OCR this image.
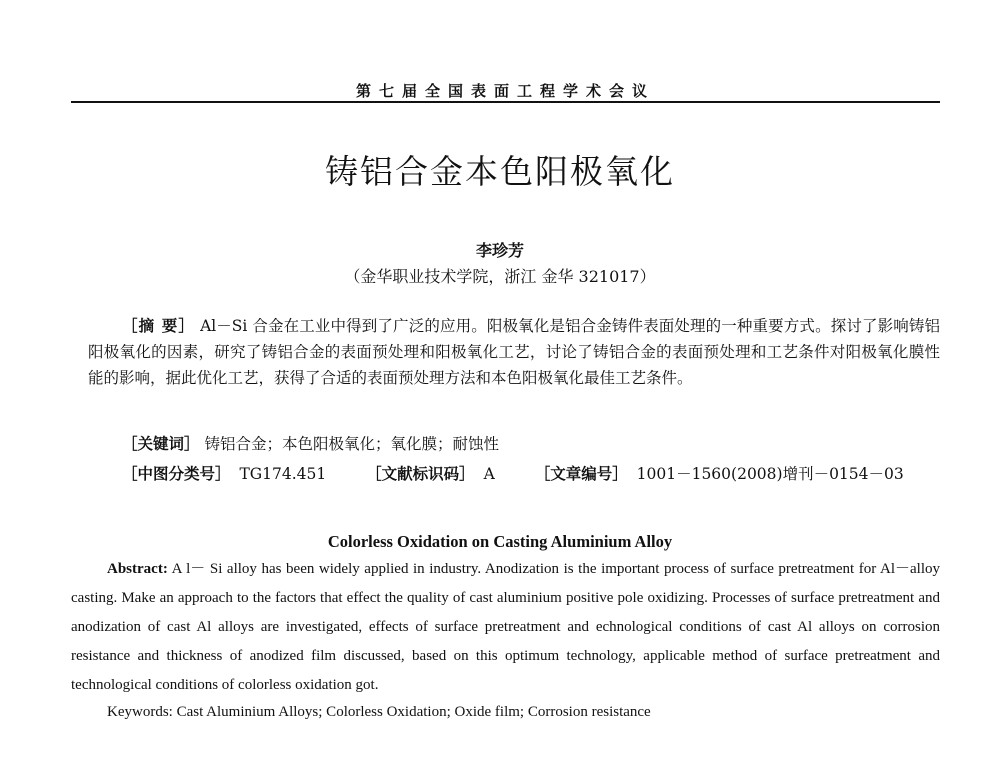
第七届全国表面工程学术会议
铸铝合金本色阳极氧化
李珍芳
（金华职业技术学院，浙江 金华 321017）
［摘 要］ Al－Si 合金在工业中得到了广泛的应用。阳极氧化是铝合金铸件表面处理的一种重要方式。探讨了影响铸铝阳极氧化的因素，研究了铸铝合金的表面预处理和阳极氧化工艺，讨论了铸铝合金的表面预处理和工艺条件对阳极氧化膜性能的影响，据此优化工艺，获得了合适的表面预处理方法和本色阳极氧化最佳工艺条件。
［关键词］ 铸铝合金；本色阳极氧化；氧化膜；耐蚀性
［中图分类号］ TG174.451	［文献标识码］ A	［文章编号］ 1001－1560(2008)增刊－0154－03
Colorless Oxidation on Casting Aluminium Alloy
Abstract: A l－ Si alloy has been widely applied in industry. Anodization is the important process of surface pretreatment for Al－alloy casting. Make an approach to the factors that effect the quality of cast aluminium positive pole oxidizing. Processes of surface pretreatment and anodization of cast Al alloys are investigated, effects of surface pretreatment and echnological conditions of cast Al alloys on corrosion resistance and thickness of anodized film discussed, based on this optimum technology, applicable method of surface pretreatment and technological conditions of colorless oxidation got.
Keywords: Cast Aluminium Alloys; Colorless Oxidation; Oxide film; Corrosion resistance
